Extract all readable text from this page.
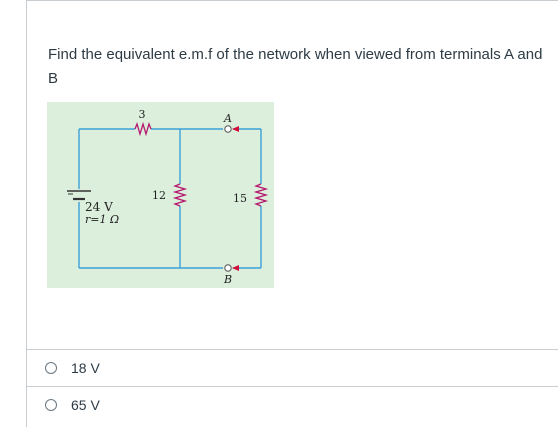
Find the equivalent e.m.f of the network when viewed from terminals A and B
3
12	15
A
B
24 V
r=1 Ω
18 V
65 V
